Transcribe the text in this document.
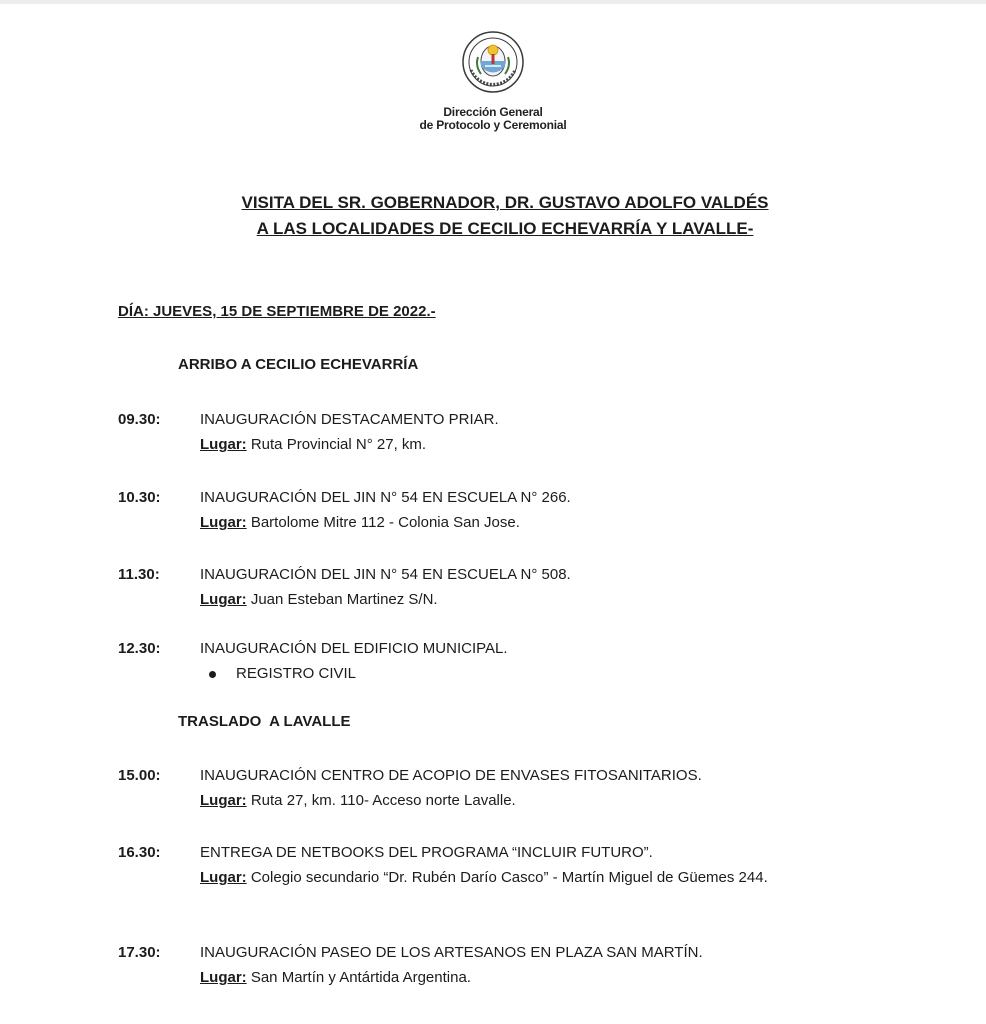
Dirección General
de Protocolo y Ceremonial
VISITA DEL SR. GOBERNADOR, DR. GUSTAVO ADOLFO VALDÉS
A LAS LOCALIDADES DE CECILIO ECHEVARRÍA Y LAVALLE-
DÍA: JUEVES, 15 DE SEPTIEMBRE DE 2022.-
ARRIBO A CECILIO ECHEVARRÍA
09.30:	INAUGURACIÓN DESTACAMENTO PRIAR.
Lugar: Ruta Provincial N° 27, km.
10.30:	INAUGURACIÓN DEL JIN N° 54 EN ESCUELA N° 266.
Lugar: Bartolome Mitre 112 - Colonia San Jose.
11.30:	INAUGURACIÓN DEL JIN N° 54 EN ESCUELA N° 508.
Lugar: Juan Esteban Martinez S/N.
12.30:	INAUGURACIÓN DEL EDIFICIO MUNICIPAL.
REGISTRO CIVIL
TRASLADO  A LAVALLE
15.00:	INAUGURACIÓN CENTRO DE ACOPIO DE ENVASES FITOSANITARIOS.
Lugar: Ruta 27, km. 110- Acceso norte Lavalle.
16.30:	ENTREGA DE NETBOOKS DEL PROGRAMA “INCLUIR FUTURO”.
Lugar: Colegio secundario “Dr. Rubén Darío Casco” - Martín Miguel de Güemes 244.
17.30:	INAUGURACIÓN PASEO DE LOS ARTESANOS EN PLAZA SAN MARTÍN.
Lugar: San Martín y Antártida Argentina.
